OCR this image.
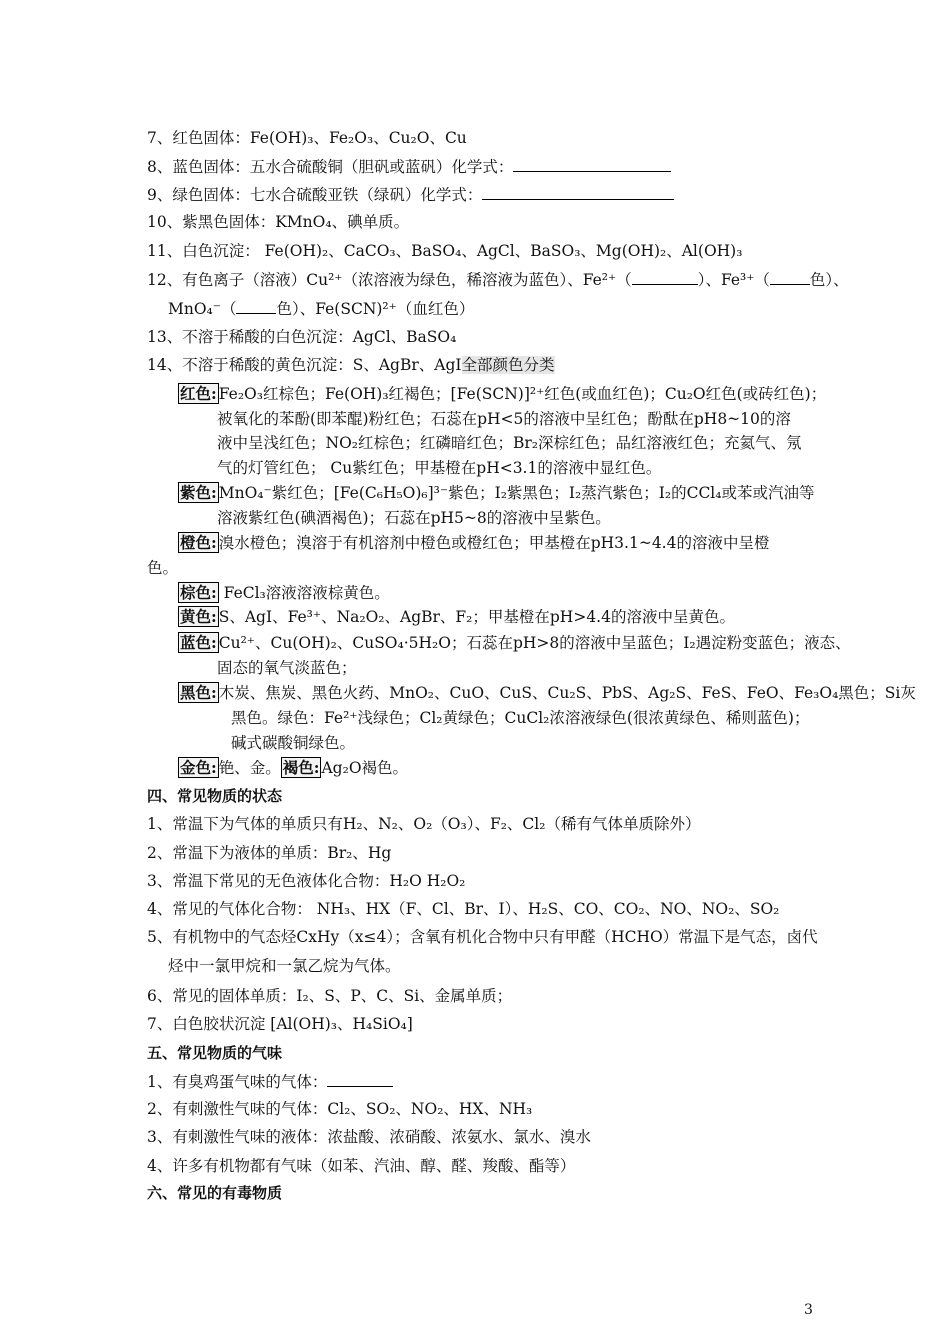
7、红色固体：Fe(OH)₃、Fe₂O₃、Cu₂O、Cu
8、蓝色固体：五水合硫酸铜（胆矾或蓝矾）化学式：
9、绿色固体：七水合硫酸亚铁（绿矾）化学式：
10、紫黑色固体：KMnO₄、碘单质。
11、白色沉淀： Fe(OH)₂、CaCO₃、BaSO₄、AgCl、BaSO₃、Mg(OH)₂、Al(OH)₃
12、有色离子（溶液）Cu²⁺（浓溶液为绿色，稀溶液为蓝色）、Fe²⁺（	）、Fe³⁺（	色）、
MnO₄⁻（	色）、Fe(SCN)²⁺（血红色）
13、不溶于稀酸的白色沉淀：AgCl、BaSO₄
14、不溶于稀酸的黄色沉淀：S、AgBr、AgI全部颜色分类
红色: Fe₂O₃红棕色；Fe(OH)₃红褐色；[Fe(SCN)]²⁺红色(或血红色)；Cu₂O红色(或砖红色)；
被氧化的苯酚(即苯醌)粉红色；石蕊在pH<5的溶液中呈红色；酚酞在pH8~10的溶
液中呈浅红色；NO₂红棕色；红磷暗红色；Br₂深棕红色；品红溶液红色；充氦气、氖
气的灯管红色； Cu紫红色；甲基橙在pH<3.1的溶液中显红色。
紫色: MnO₄⁻紫红色；[Fe(C₆H₅O)₆]³⁻紫色；I₂紫黑色；I₂蒸汽紫色；I₂的CCl₄或苯或汽油等
溶液紫红色(碘酒褐色)；石蕊在pH5~8的溶液中呈紫色。
橙色: 溴水橙色；溴溶于有机溶剂中橙色或橙红色；甲基橙在pH3.1~4.4的溶液中呈橙
色。
棕色: FeCl₃溶液溶液棕黄色。
黄色: S、AgI、Fe³⁺、Na₂O₂、AgBr、F₂；甲基橙在pH>4.4的溶液中呈黄色。
蓝色: Cu²⁺、Cu(OH)₂、CuSO₄·5H₂O；石蕊在pH>8的溶液中呈蓝色；I₂遇淀粉变蓝色；液态、
固态的氧气淡蓝色；
黑色: 木炭、焦炭、黑色火药、MnO₂、CuO、CuS、Cu₂S、PbS、Ag₂S、FeS、FeO、Fe₃O₄黑色；Si灰
黑色。绿色：Fe²⁺浅绿色；Cl₂黄绿色；CuCl₂浓溶液绿色(很浓黄绿色、稀则蓝色)；
碱式碳酸铜绿色。
金色: 铯、金。 褐色: Ag₂O褐色。
四、常见物质的状态
1、常温下为气体的单质只有H₂、N₂、O₂（O₃）、F₂、Cl₂（稀有气体单质除外）
2、常温下为液体的单质：Br₂、Hg
3、常温下常见的无色液体化合物：H₂O H₂O₂
4、常见的气体化合物： NH₃、HX（F、Cl、Br、I）、H₂S、CO、CO₂、NO、NO₂、SO₂
5、有机物中的气态烃CxHy（x≤4）；含氧有机化合物中只有甲醛（HCHO）常温下是气态，卤代
烃中一氯甲烷和一氯乙烷为气体。
6、常见的固体单质：I₂、S、P、C、Si、金属单质；
7、白色胶状沉淀 [Al(OH)₃、H₄SiO₄]
五、常见物质的气味
1、有臭鸡蛋气味的气体：
2、有刺激性气味的气体：Cl₂、SO₂、NO₂、HX、NH₃
3、有刺激性气味的液体：浓盐酸、浓硝酸、浓氨水、氯水、溴水
4、许多有机物都有气味（如苯、汽油、醇、醛、羧酸、酯等）
六、常见的有毒物质
3
